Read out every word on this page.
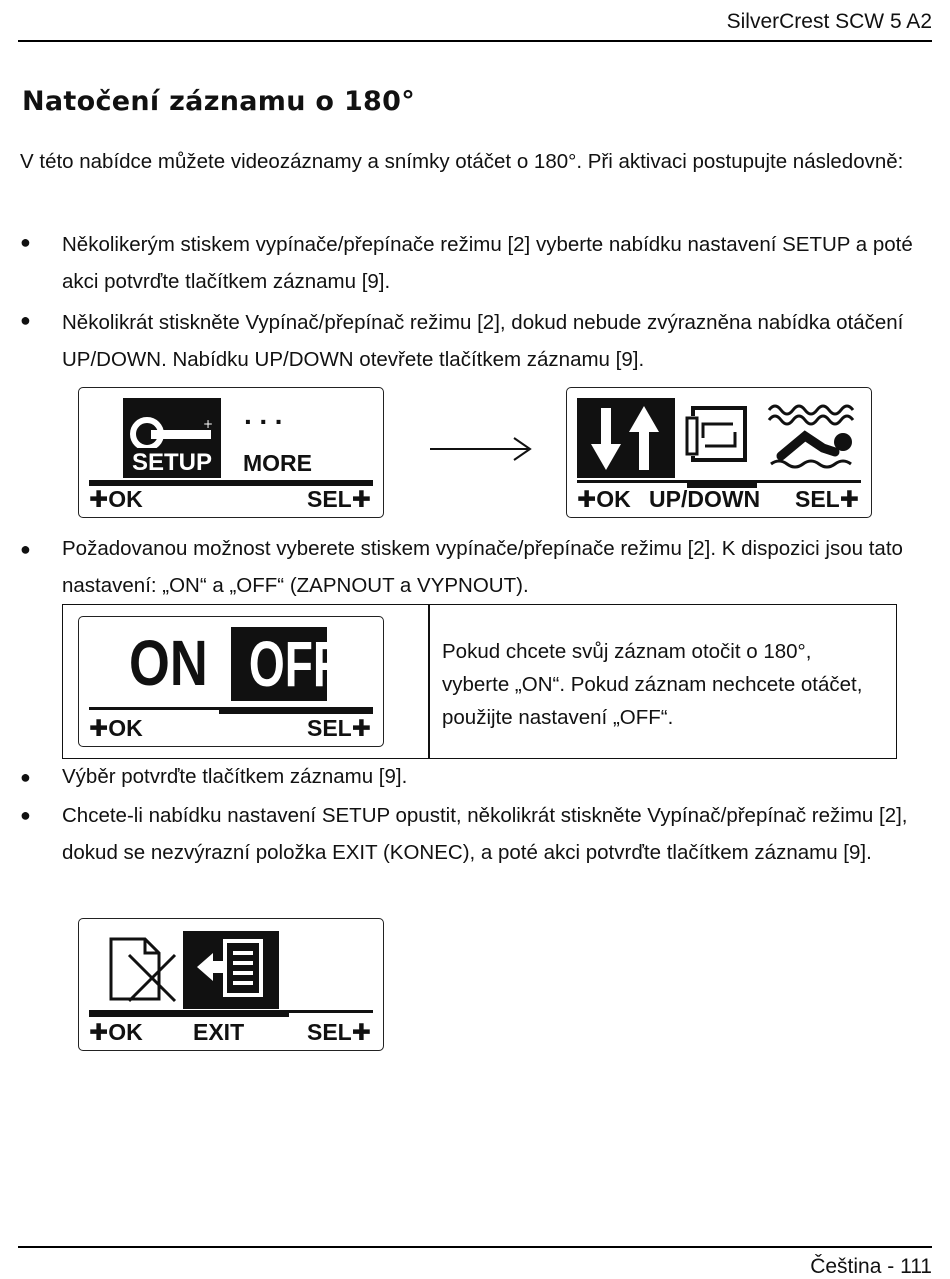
SilverCrest SCW 5 A2
Natočení záznamu o 180°
V této nabídce můžete videozáznamy a snímky otáčet o 180°. Při aktivaci postupujte následovně:
● Několikerým stiskem vypínače/přepínače režimu [2] vyberte nabídku nastavení SETUP a poté akci potvrďte tlačítkem záznamu [9].
● Několikrát stiskněte Vypínač/přepínač režimu [2], dokud nebude zvýrazněna nabídka otáčení UP/DOWN. Nabídku UP/DOWN otevřete tlačítkem záznamu [9].
+
SETUP
···
MORE
✚OK	SEL✚	✚OK UP/DOWN SEL✚
● Požadovanou možnost vyberete stiskem vypínače/přepínače režimu [2]. K dispozici jsou tato nastavení: „ON“ a „OFF“ (ZAPNOUT a VYPNOUT).
ON OFF
✚OK	SEL✚
Pokud chcete svůj záznam otočit o 180°, vyberte „ON“. Pokud záznam nechcete otáčet, použijte nastavení „OFF“.
● Výběr potvrďte tlačítkem záznamu [9].
● Chcete-li nabídku nastavení SETUP opustit, několikrát stiskněte Vypínač/přepínač režimu [2], dokud se nezvýrazní položka EXIT (KONEC), a poté akci potvrďte tlačítkem záznamu [9].
✚OK EXIT	SEL✚
Čeština - 111
